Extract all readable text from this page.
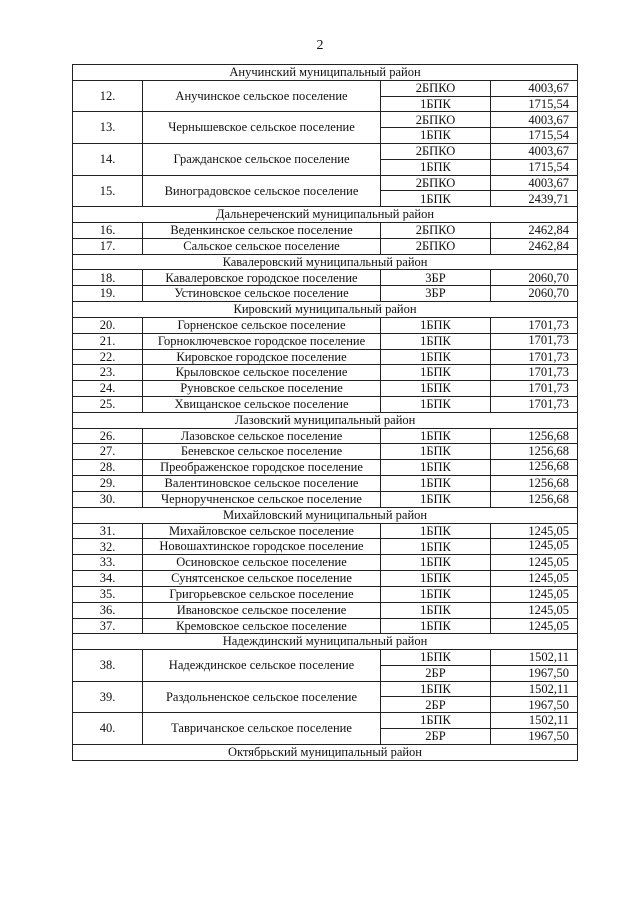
2
Анучинский муниципальный район			
12.	Анучинское сельское поселение	2БПКО	4003,67
		1БПК	1715,54
13.	Чернышевское сельское поселение	2БПКО	4003,67
		1БПК	1715,54
14.	Гражданское сельское поселение	2БПКО	4003,67
		1БПК	1715,54
15.	Виноградовское сельское поселение	2БПКО	4003,67
		1БПК	2439,71
Дальнереченский муниципальный район			
16.	Веденкинское сельское поселение	2БПКО	2462,84
17.	Сальское сельское поселение	2БПКО	2462,84
Кавалеровский муниципальный район			
18.	Кавалеровское городское поселение	3БР	2060,70
19.	Устиновское сельское поселение	3БР	2060,70
Кировский муниципальный район			
20.	Горненское сельское поселение	1БПК	1701,73
21.	Горноключевское городское поселение	1БПК	1701,73
22.	Кировское городское поселение	1БПК	1701,73
23.	Крыловское сельское поселение	1БПК	1701,73
24.	Руновское сельское поселение	1БПК	1701,73
25.	Хвищанское сельское поселение	1БПК	1701,73
Лазовский муниципальный район			
26.	Лазовское сельское поселение	1БПК	1256,68
27.	Беневское сельское поселение	1БПК	1256,68
28.	Преображенское городское поселение	1БПК	1256,68
29.	Валентиновское сельское поселение	1БПК	1256,68
30.	Черноручненское сельское поселение	1БПК	1256,68
Михайловский муниципальный район			
31.	Михайловское сельское поселение	1БПК	1245,05
32.	Новошахтинское городское поселение	1БПК	1245,05
33.	Осиновское сельское поселение	1БПК	1245,05
34.	Сунятсенское сельское поселение	1БПК	1245,05
35.	Григорьевское сельское поселение	1БПК	1245,05
36.	Ивановское сельское поселение	1БПК	1245,05
37.	Кремовское сельское поселение	1БПК	1245,05
Надеждинский муниципальный район			
38.	Надеждинское сельское поселение	1БПК	1502,11
		2БР	1967,50
39.	Раздольненское сельское поселение	1БПК	1502,11
		2БР	1967,50
40.	Тавричанское сельское поселение	1БПК	1502,11
		2БР	1967,50
Октябрьский муниципальный район			
